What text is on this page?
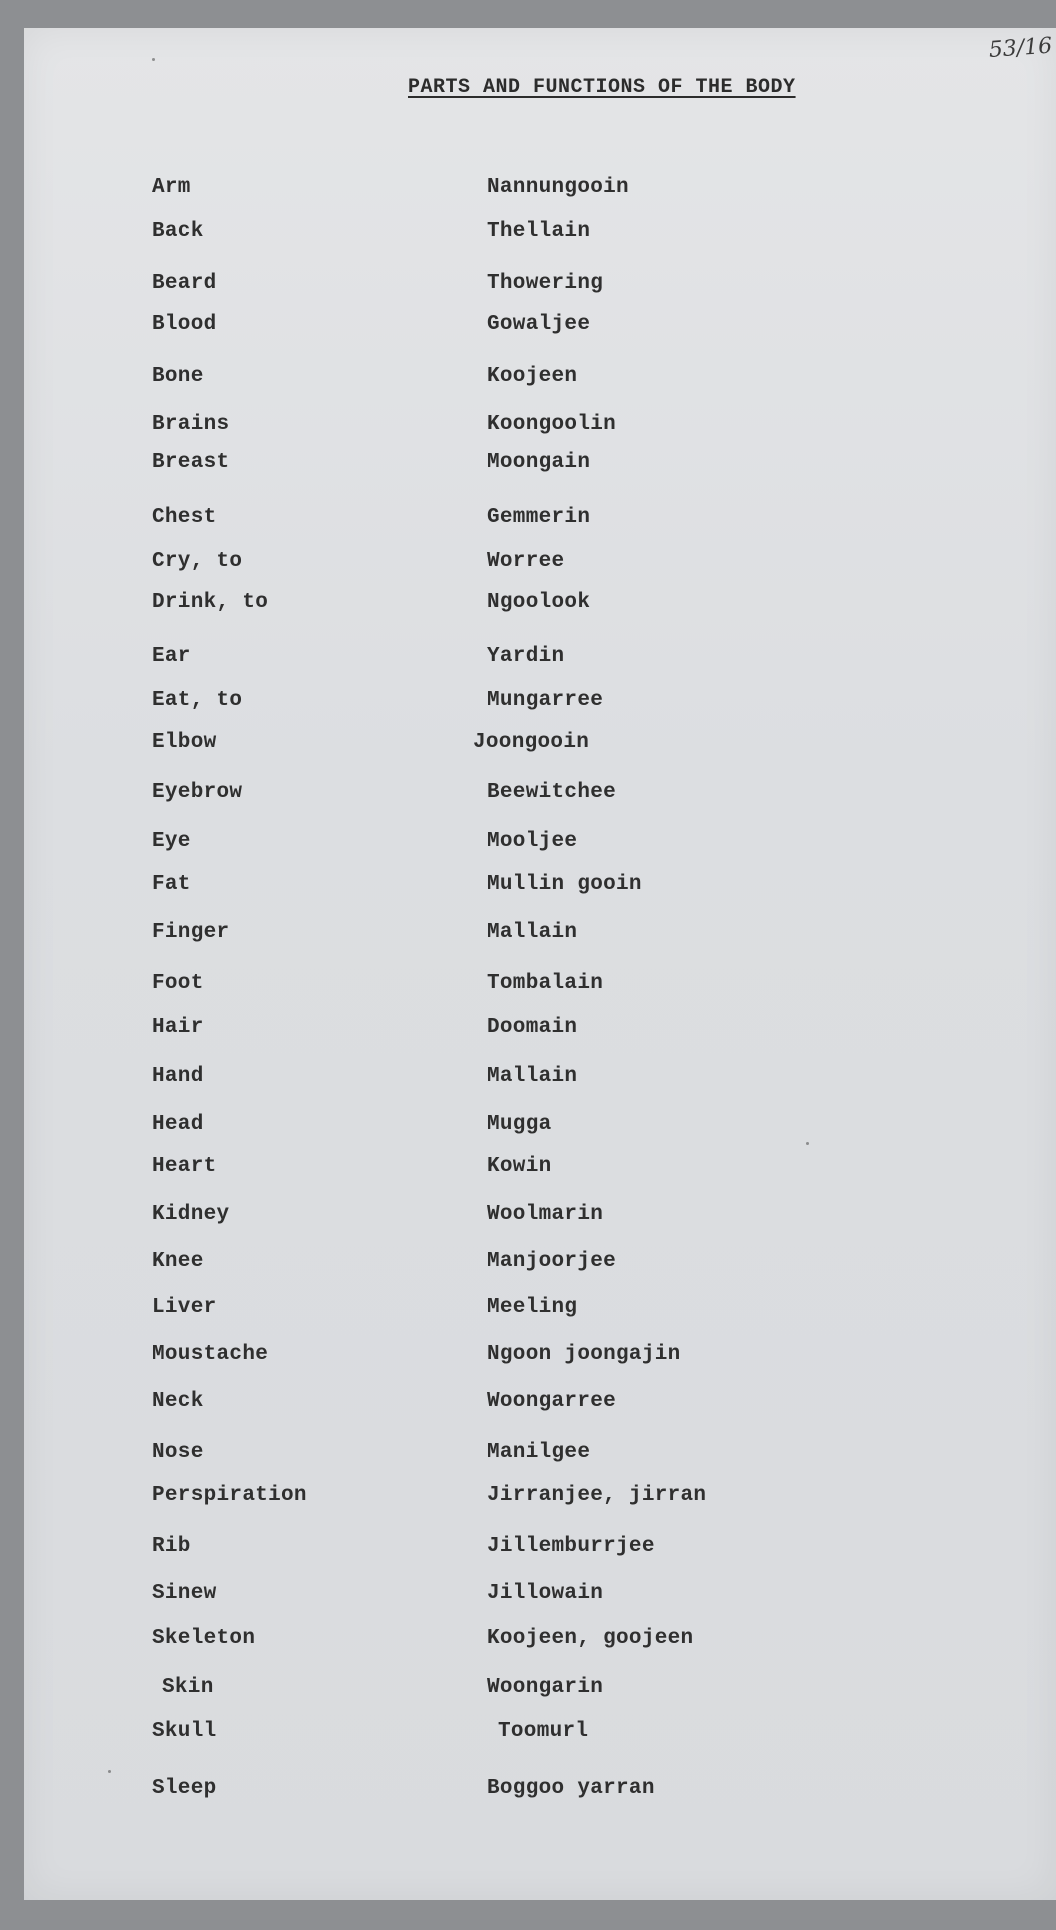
53/16
PARTS AND FUNCTIONS OF THE BODY
Arm	Nannungooin
Back	Thellain
Beard	Thowering
Blood	Gowaljee
Bone	Koojeen
Brains	Koongoolin
Breast	Moongain
Chest	Gemmerin
Cry, to	Worree
Drink, to	Ngoolook
Ear	Yardin
Eat, to	Mungarree
Elbow	Joongooin
Eyebrow	Beewitchee
Eye	Mooljee
Fat	Mullin gooin
Finger	Mallain
Foot	Tombalain
Hair	Doomain
Hand	Mallain
Head	Mugga
Heart	Kowin
Kidney	Woolmarin
Knee	Manjoorjee
Liver	Meeling
Moustache	Ngoon joongajin
Neck	Woongarree
Nose	Manilgee
Perspiration	Jirranjee, jirran
Rib	Jillemburrjee
Sinew	Jillowain
Skeleton	Koojeen, goojeen
Skin	Woongarin
Skull	Toomurl
Sleep	Boggoo yarran
